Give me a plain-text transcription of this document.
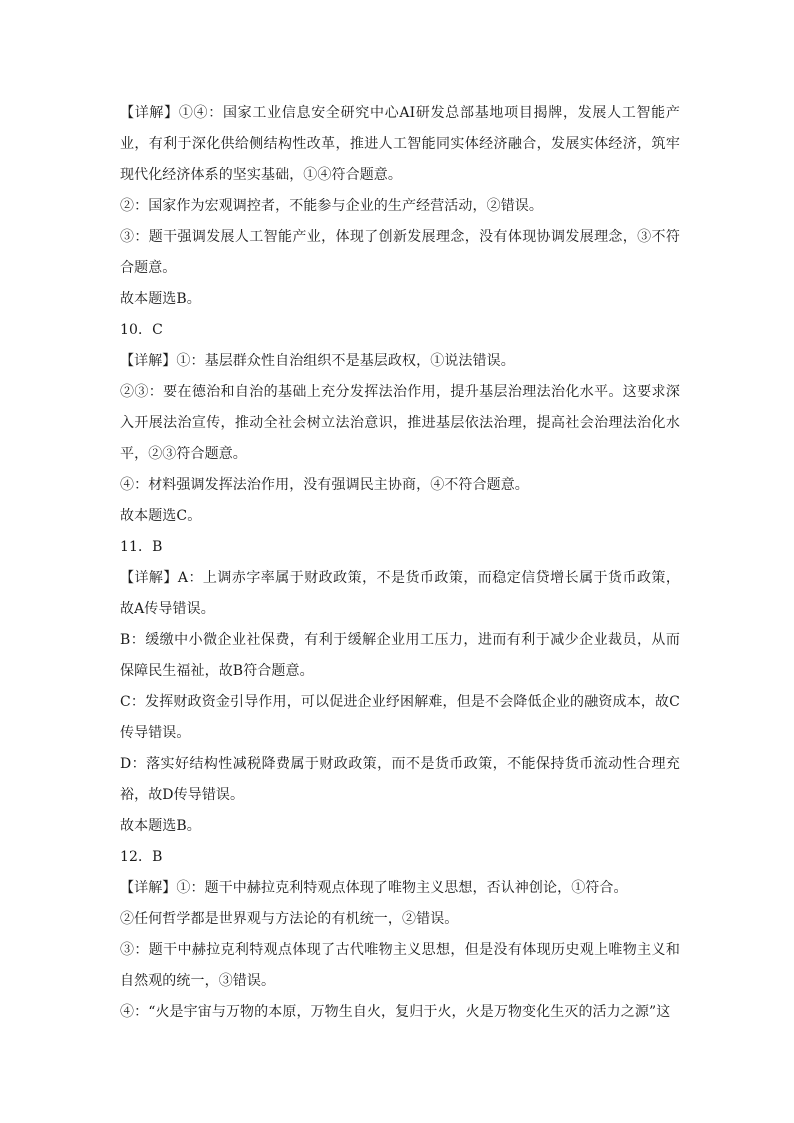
【详解】①④：国家工业信息安全研究中心AI研发总部基地项目揭牌，发展人工智能产业，有利于深化供给侧结构性改革，推进人工智能同实体经济融合，发展实体经济，筑牢现代化经济体系的坚实基础，①④符合题意。

②：国家作为宏观调控者，不能参与企业的生产经营活动，②错误。

③：题干强调发展人工智能产业，体现了创新发展理念，没有体现协调发展理念，③不符合题意。

故本题选B。

10．C

【详解】①：基层群众性自治组织不是基层政权，①说法错误。

②③：要在德治和自治的基础上充分发挥法治作用，提升基层治理法治化水平。这要求深入开展法治宣传，推动全社会树立法治意识，推进基层依法治理，提高社会治理法治化水平，②③符合题意。

④：材料强调发挥法治作用，没有强调民主协商，④不符合题意。

故本题选C。

11．B

【详解】A：上调赤字率属于财政政策，不是货币政策，而稳定信贷增长属于货币政策，故A传导错误。

B：缓缴中小微企业社保费，有利于缓解企业用工压力，进而有利于减少企业裁员，从而保障民生福祉，故B符合题意。

C：发挥财政资金引导作用，可以促进企业纾困解难，但是不会降低企业的融资成本，故C传导错误。

D：落实好结构性减税降费属于财政政策，而不是货币政策，不能保持货币流动性合理充裕，故D传导错误。

故本题选B。

12．B

【详解】①：题干中赫拉克利特观点体现了唯物主义思想，否认神创论，①符合。

②任何哲学都是世界观与方法论的有机统一，②错误。

③：题干中赫拉克利特观点体现了古代唯物主义思想，但是没有体现历史观上唯物主义和自然观的统一，③错误。

④：“火是宇宙与万物的本原，万物生自火，复归于火，火是万物变化生灭的活力之源”这
